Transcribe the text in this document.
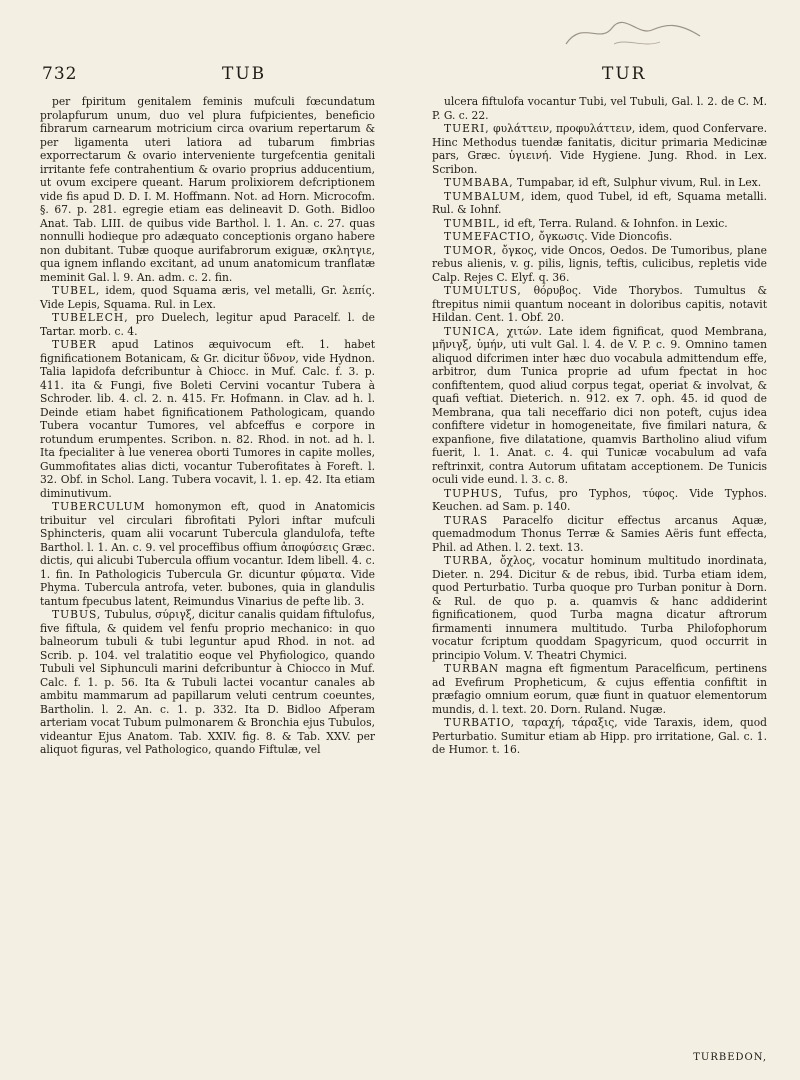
732	TUB	TUR

per fpiritum genitalem feminis mufculi fœcundatum prolapfurum unum, duo vel plura fufpicientes, beneficio fibrarum carnearum motricium circa ovarium repertarum & per ligamenta uteri latiora ad tubarum fimbrias exporrectarum & ovario interveniente turgefcentia genitali irritante fefe contrahentium & ovario proprius adducentium, ut ovum excipere queant. Harum prolixiorem defcriptionem vide fis apud D. D. I. M. Hoffmann. Not. ad Horn. Microcofm. §. 67. p. 281. egregie etiam eas delineavit D. Goth. Bidloo Anat. Tab. LIII. de quibus vide Barthol. l. 1. An. c. 27. quas nonnulli hodieque pro adæquato conceptionis organo habere non dubitant. Tubæ quoque aurifabrorum exiguæ, σκλητγιε, qua ignem inflando excitant, ad unum anatomicum tranflatæ meminit Gal. l. 9. An. adm. c. 2. fin.

TUBEL, idem, quod Squama æris, vel metalli, Gr. λεπίς. Vide Lepis, Squama. Rul. in Lex.

TUBELECH, pro Duelech, legitur apud Paracelf. l. de Tartar. morb. c. 4.

TUBER apud Latinos æquivocum eft. 1. habet fignificationem Botanicam, & Gr. dicitur ὕδνον, vide Hydnon. Talia lapidofa defcribuntur à Chiocc. in Muf. Calc. f. 3. p. 411. ita & Fungi, five Boleti Cervini vocantur Tubera à Schroder. lib. 4. cl. 2. n. 415. Fr. Hofmann. in Clav. ad h. l. Deinde etiam habet fignificationem Pathologicam, quando Tubera vocantur Tumores, vel abfceffus e corpore in rotundum erumpentes. Scribon. n. 82. Rhod. in not. ad h. l. Ita fpecialiter à lue venerea oborti Tumores in capite molles, Gummofitates alias dicti, vocantur Tuberofitates à Foreft. l. 32. Obf. in Schol. Lang. Tubera vocavit, l. 1. ep. 42. Ita etiam diminutivum.

TUBERCULUM homonymon eft, quod in Anatomicis tribuitur vel circulari fibrofitati Pylori inftar mufculi Sphincteris, quam alii vocarunt Tubercula glandulofa, tefte Barthol. l. 1. An. c. 9. vel proceffibus offium ἀποφύσεις Græc. dictis, qui alicubi Tubercula offium vocantur. Idem libell. 4. c. 1. fin. In Pathologicis Tubercula Gr. dicuntur φύματα. Vide Phyma. Tubercula antrofa, veter. bubones, quia in glandulis tantum fpecubus latent, Reimundus Vinarius de pefte lib. 3.

TUBUS, Tubulus, σύριγξ, dicitur canalis quidam fiftulofus, five fiftula, & quidem vel fenfu proprio mechanico: in quo balneorum tubuli & tubi leguntur apud Rhod. in not. ad Scrib. p. 104. vel tralatitio eoque vel Phyfiologico, quando Tubuli vel Siphunculi marini defcribuntur à Chiocco in Muf. Calc. f. 1. p. 56. Ita & Tubuli lactei vocantur canales ab ambitu mammarum ad papillarum veluti centrum coeuntes, Bartholin. l. 2. An. c. 1. p. 332. Ita D. Bidloo Afperam arteriam vocat Tubum pulmonarem & Bronchia ejus Tubulos, videantur Ejus Anatom. Tab. XXIV. fig. 8. & Tab. XXV. per aliquot figuras, vel Pathologico, quando Fiftulæ, vel

ulcera fiftulofa vocantur Tubi, vel Tubuli, Gal. l. 2. de C. M. P. G. c. 22.

TUERI, φυλάττειν, προφυλάττειν, idem, quod Confervare. Hinc Methodus tuendæ fanitatis, dicitur primaria Medicinæ pars, Græc. ὑγιεινή. Vide Hygiene. Jung. Rhod. in Lex. Scribon.

TUMBABA, Tumpabar, id eft, Sulphur vivum, Rul. in Lex.

TUMBALUM, idem, quod Tubel, id eft, Squama metalli. Rul. & Iohnf.

TUMBIL, id eft, Terra. Ruland. & Iohnfon. in Lexic.

TUMEFACTIO, ὄγκωσις. Vide Dioncofis.

TUMOR, ὄγκος, vide Oncos, Oedos. De Tumoribus, plane rebus alienis, v. g. pilis, lignis, teftis, culicibus, repletis vide Calp. Rejes C. Elyf. q. 36.

TUMULTUS, θόρυβος. Vide Thorybos. Tumultus & ftrepitus nimii quantum noceant in doloribus capitis, notavit Hildan. Cent. 1. Obf. 20.

TUNICA, χιτών. Late idem fignificat, quod Membrana, μῆνιγξ, ὑμήν, uti vult Gal. l. 4. de V. P. c. 9. Omnino tamen aliquod difcrimen inter hæc duo vocabula admittendum effe, arbitror, dum Tunica proprie ad ufum fpectat in hoc confiftentem, quod aliud corpus tegat, operiat & involvat, & quafi veftiat. Dieterich. n. 912. ex 7. oph. 45. id quod de Membrana, qua tali neceffario dici non poteft, cujus idea confiftere videtur in homogeneitate, five fimilari natura, & expanfione, five dilatatione, quamvis Bartholino aliud vifum fuerit, l. 1. Anat. c. 4. qui Tunicæ vocabulum ad vafa reftrinxit, contra Autorum ufitatam acceptionem. De Tunicis oculi vide eund. l. 3. c. 8.

TUPHUS, Tufus, pro Typhos, τύφος. Vide Typhos. Keuchen. ad Sam. p. 140.

TURAS Paracelfo dicitur effectus arcanus Aquæ, quemadmodum Thonus Terræ & Samies Aëris funt effecta, Phil. ad Athen. l. 2. text. 13.

TURBA, ὄχλος, vocatur hominum multitudo inordinata, Dieter. n. 294. Dicitur & de rebus, ibid. Turba etiam idem, quod Perturbatio. Turba quoque pro Turban ponitur à Dorn. & Rul. de quo p. a. quamvis & hanc addiderint fignificationem, quod Turba magna dicatur aftrorum firmamenti innumera multitudo. Turba Philofophorum vocatur fcriptum quoddam Spagyricum, quod occurrit in principio Volum. V. Theatri Chymici.

TURBAN magna eft figmentum Paracelficum, pertinens ad Evefirum Propheticum, & cujus effentia confiftit in præfagio omnium eorum, quæ fiunt in quatuor elementorum mundis, d. l. text. 20. Dorn. Ruland. Nugæ.

TURBATIO, ταραχή, τάραξις, vide Taraxis, idem, quod Perturbatio. Sumitur etiam ab Hipp. pro irritatione, Gal. c. 1. de Humor. t. 16.

TURBEDON,
